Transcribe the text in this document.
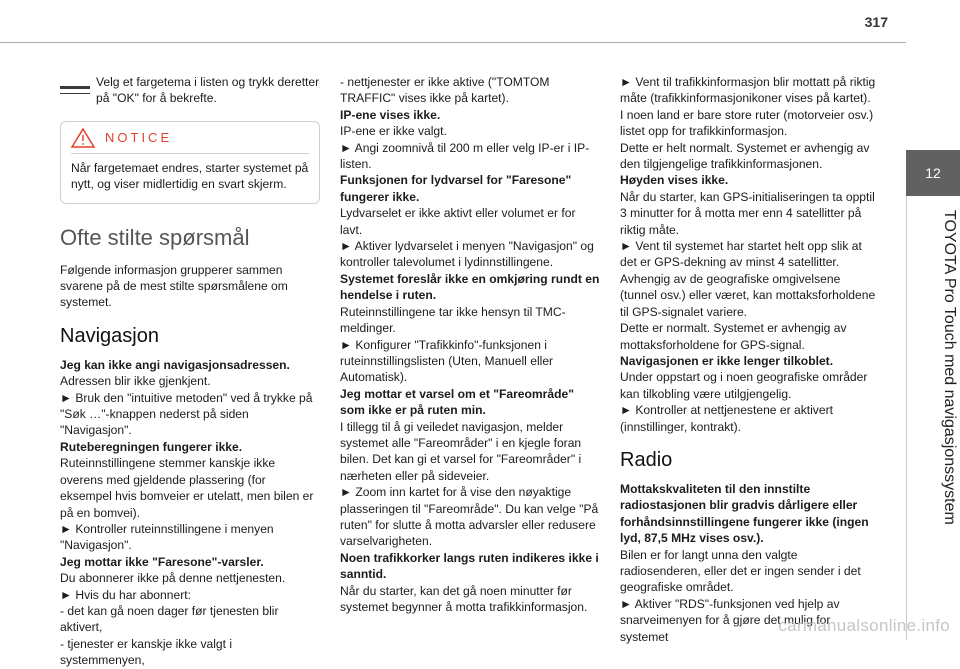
317
12
TOYOTA Pro Touch med navigasjonssystem

Velg et fargetema i listen og trykk deretter på "OK" for å bekrefte.

NOTICE

Når fargetemaet endres, starter systemet på nytt, og viser midlertidig en svart skjerm.

Ofte stilte spørsmål

Følgende informasjon grupperer sammen svarene på de mest stilte spørsmålene om systemet.

Navigasjon

Jeg kan ikke angi navigasjonsadressen.

Adressen blir ikke gjenkjent.

► Bruk den "intuitive metoden" ved å trykke på "Søk …"-knappen nederst på siden "Navigasjon".

Ruteberegningen fungerer ikke.

Ruteinnstillingene stemmer kanskje ikke overens med gjeldende plassering (for eksempel hvis bomveier er utelatt, men bilen er på en bomvei).

► Kontroller ruteinnstillingene i menyen "Navigasjon".

Jeg mottar ikke "Faresone"-varsler.

Du abonnerer ikke på denne nettjenesten.

► Hvis du har abonnert:

- det kan gå noen dager før tjenesten blir aktivert,

- tjenester er kanskje ikke valgt i systemmenyen,

- nettjenester er ikke aktive ("TOMTOM TRAFFIC" vises ikke på kartet).

IP-ene vises ikke.

IP-ene er ikke valgt.

► Angi zoomnivå til 200 m eller velg IP-er i IP-listen.

Funksjonen for lydvarsel for "Faresone" fungerer ikke.

Lydvarselet er ikke aktivt eller volumet er for lavt.

► Aktiver lydvarselet i menyen "Navigasjon" og kontroller talevolumet i lydinnstillingene.

Systemet foreslår ikke en omkjøring rundt en hendelse i ruten.

Ruteinnstillingene tar ikke hensyn til TMC-meldinger.

► Konfigurer "Trafikkinfo"-funksjonen i ruteinnstillingslisten (Uten, Manuell eller Automatisk).

Jeg mottar et varsel om et "Fareområde" som ikke er på ruten min.

I tillegg til å gi veiledet navigasjon, melder systemet alle "Fareområder" i en kjegle foran bilen. Det kan gi et varsel for "Fareområder" i nærheten eller på sideveier.

► Zoom inn kartet for å vise den nøyaktige plasseringen til "Fareområde". Du kan velge "På ruten" for slutte å motta advarsler eller redusere varselvarigheten.

Noen trafikkorker langs ruten indikeres ikke i sanntid.

Når du starter, kan det gå noen minutter før systemet begynner å motta trafikkinformasjon.

► Vent til trafikkinformasjon blir mottatt på riktig måte (trafikkinformasjonikoner vises på kartet).

I noen land er bare store ruter (motorveier osv.) listet opp for trafikkinformasjon.

Dette er helt normalt. Systemet er avhengig av den tilgjengelige trafikkinformasjonen.

Høyden vises ikke.

Når du starter, kan GPS-initialiseringen ta opptil 3 minutter for å motta mer enn 4 satellitter på riktig måte.

► Vent til systemet har startet helt opp slik at det er GPS-dekning av minst 4 satellitter.

Avhengig av de geografiske omgivelsene (tunnel osv.) eller været, kan mottaksforholdene til GPS-signalet variere.

Dette er normalt. Systemet er avhengig av mottaksforholdene for GPS-signal.

Navigasjonen er ikke lenger tilkoblet.

Under oppstart og i noen geografiske områder kan tilkobling være utilgjengelig.

► Kontroller at nettjenestene er aktivert (innstillinger, kontrakt).

Radio

Mottakskvaliteten til den innstilte radiostasjonen blir gradvis dårligere eller forhåndsinnstillingene fungerer ikke (ingen lyd, 87,5 MHz vises osv.).

Bilen er for langt unna den valgte radiosenderen, eller det er ingen sender i det geografiske området.

► Aktiver "RDS"-funksjonen ved hjelp av snarveimenyen for å gjøre det mulig for systemet

carmanualsonline.info
